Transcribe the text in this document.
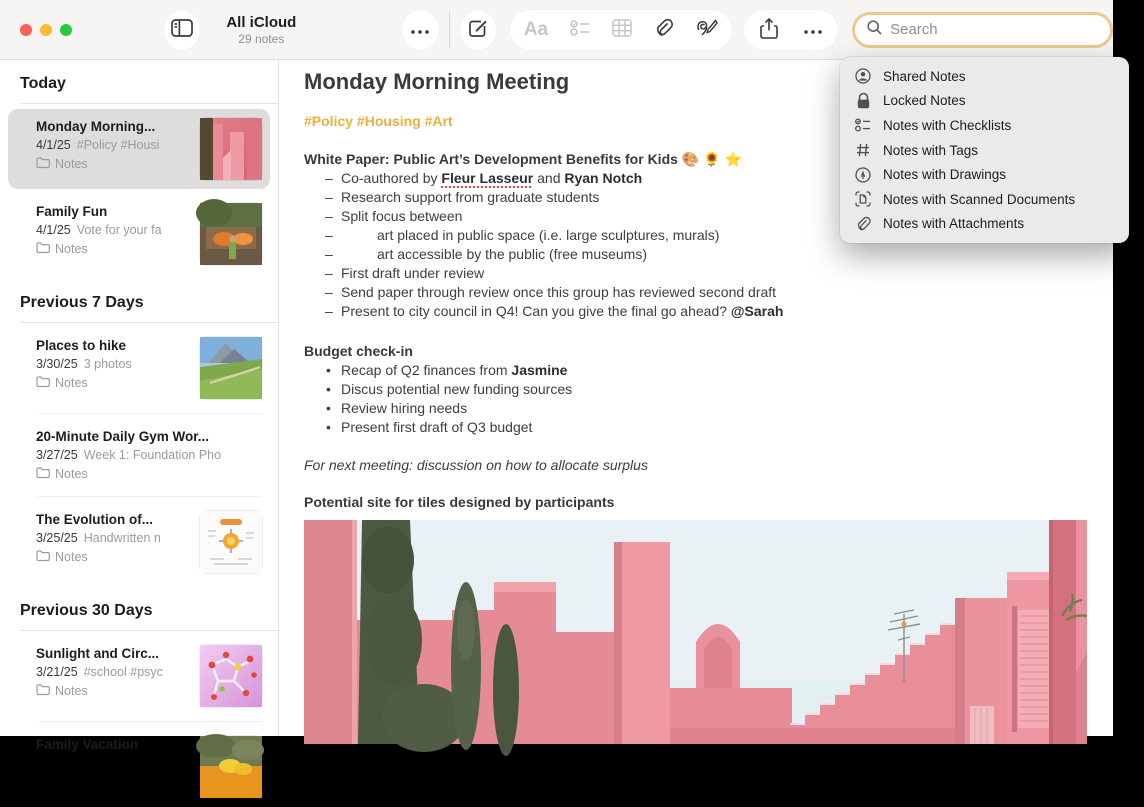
All iCloud
29 notes	Aa
Search
Today
Monday Morning...
4/1/25 #Policy #Housi
Notes
Family Fun
4/1/25 Vote for your fa
Notes
Previous 7 Days
Places to hike
3/30/25 3 photos
Notes
20-Minute Daily Gym Wor...
3/27/25 Week 1: Foundation Pho
Notes
The Evolution of...
3/25/25 Handwritten n
Notes
Previous 30 Days
Sunlight and Circ...
3/21/25 #school #psyc
Notes
Family Vacation
Monday Morning Meeting
#Policy #Housing #Art
White Paper: Public Art’s Development Benefits for Kids 🎨 🌻 ⭐
– Co-authored by Fleur Lasseur and Ryan Notch
– Research support from graduate students
– Split focus between
– art placed in public space (i.e. large sculptures, murals)
– art accessible by the public (free museums)
– First draft under review
– Send paper through review once this group has reviewed second draft
– Present to city council in Q4! Can you give the final go ahead? @Sarah
Budget check-in
• Recap of Q2 finances from Jasmine
• Discus potential new funding sources
• Review hiring needs
• Present first draft of Q3 budget
For next meeting: discussion on how to allocate surplus
Potential site for tiles designed by participants
Shared Notes
Locked Notes
Notes with Checklists
Notes with Tags
Notes with Drawings
Notes with Scanned Documents
Notes with Attachments
